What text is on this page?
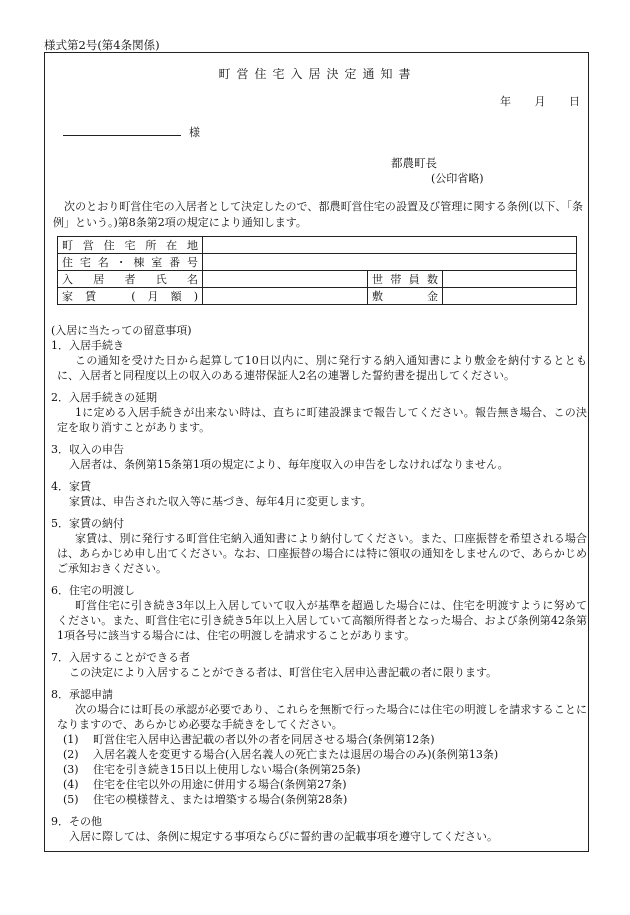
様式第2号(第4条関係)
町営住宅入居決定通知書
年 月 日
様
都農町長
(公印省略)
次のとおり町営住宅の入居者として決定したので、都農町営住宅の設置及び管理に関する条例(以下、「条例」という。)第8条第2項の規定により通知します。
町営住宅所在地			
住宅名・棟室番号			
入居者氏名		世帯員数	
家賃　(月額)		敷金	
(入居に当たっての留意事項)
1．入居手続き
この通知を受けた日から起算して10日以内に、別に発行する納入通知書により敷金を納付するとともに、入居者と同程度以上の収入のある連帯保証人2名の連署した誓約書を提出してください。
2．入居手続きの延期
1に定める入居手続きが出来ない時は、直ちに町建設課まで報告してください。報告無き場合、この決定を取り消すことがあります。
3．収入の申告
入居者は、条例第15条第1項の規定により、毎年度収入の申告をしなければなりません。
4．家賃
家賃は、申告された収入等に基づき、毎年4月に変更します。
5．家賃の納付
家賃は、別に発行する町営住宅納入通知書により納付してください。また、口座振替を希望される場合は、あらかじめ申し出てください。なお、口座振替の場合には特に領収の通知をしませんので、あらかじめご承知おきください。
6．住宅の明渡し
町営住宅に引き続き3年以上入居していて収入が基準を超過した場合には、住宅を明渡すように努めてください。また、町営住宅に引き続き5年以上入居していて高額所得者となった場合、および条例第42条第1項各号に該当する場合には、住宅の明渡しを請求することがあります。
7．入居することができる者
この決定により入居することができる者は、町営住宅入居申込書記載の者に限ります。
8．承認申請
次の場合には町長の承認が必要であり、これらを無断で行った場合には住宅の明渡しを請求することになりますので、あらかじめ必要な手続きをしてください。
(1) 町営住宅入居申込書記載の者以外の者を同居させる場合(条例第12条)
(2) 入居名義人を変更する場合(入居名義人の死亡または退居の場合のみ)(条例第13条)
(3) 住宅を引き続き15日以上使用しない場合(条例第25条)
(4) 住宅を住宅以外の用途に併用する場合(条例第27条)
(5) 住宅の模様替え、または増築する場合(条例第28条)
9．その他
入居に際しては、条例に規定する事項ならびに誓約書の記載事項を遵守してください。
